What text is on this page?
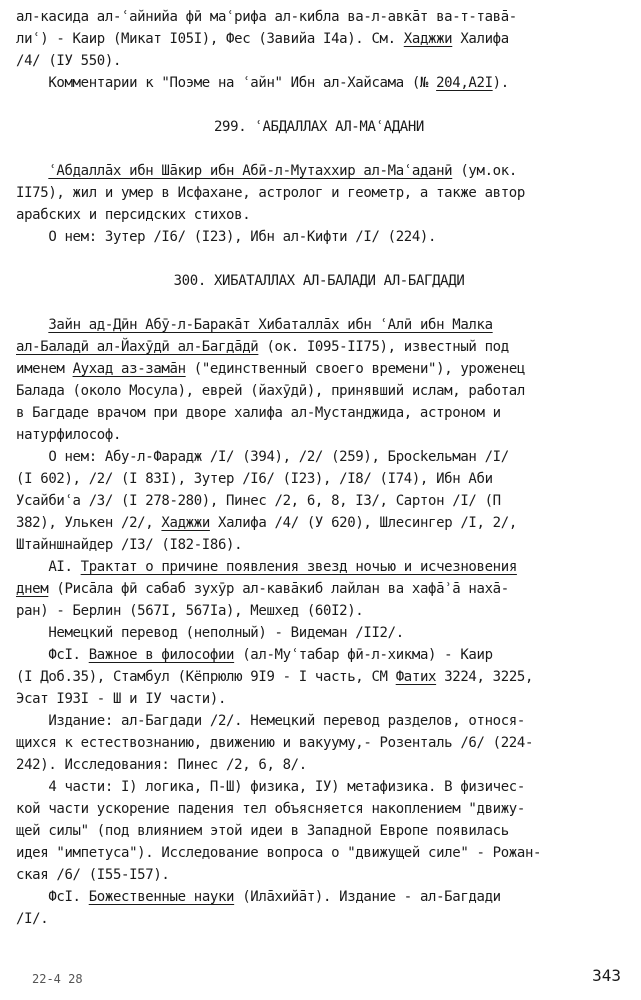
ал-касида ал-ʿайнийа фӣ маʿрифа ал-кибла ва-л-авкāт ва-т-тавā-
лиʿ) - Каир (Микат I05I), Фес (Завийа I4а). См. Хаджжи Халифа
/4/ (IУ 550).
Комментарии к "Поэме на ʿайн" Ибн ал-Хайсама (№ 204,А2I).
299. ʿАБДАЛЛАХ АЛ-МАʿАДАНИ
ʿАбдаллāх ибн Шāкир ибн Абӣ-л-Мутаххир ал-Маʿаданӣ (ум.ок.
II75), жил и умер в Исфахане, астролог и геометр, а также автор
арабских и персидских стихов.
О нем: Зутер /I6/ (I23), Ибн ал-Кифти /I/ (224).
300. ХИБАТАЛЛАХ АЛ-БАЛАДИ АЛ-БАГДАДИ
Зайн ад-Дӣн Абӯ-л-Баракāт Хибаталлāх ибн ʿАлӣ ибн Малка
ал-Баладӣ ал-Йахӯдӣ ал-Багдāдӣ (ок. I095-II75), известный под
именем Аухад аз-замāн ("единственный своего времени"), уроженец
Балада (около Мосула), еврей (йахӯдӣ), принявший ислам, работал
в Багдаде врачом при дворе халифа ал-Мустанджида, астроном и
натурфилософ.
О нем: Абу-л-Фарадж /I/ (394), /2/ (259), Брockельман /I/
(I 602), /2/ (I 83I), Зутер /I6/ (I23), /I8/ (I74), Ибн Аби
Усайбиʿа /3/ (I 278-280), Пинес /2, 6, 8, I3/, Сартон /I/ (П
382), Улькен /2/, Хаджжи Халифа /4/ (У 620), Шлесингер /I, 2/,
Штайншнайдер /I3/ (I82-I86).
АI. Трактат о причине появления звезд ночью и исчезновения
днем (Рисāла фӣ сабаб зухӯр ал-кавāкиб лайлан ва хафāʾā нахā-
ран) - Берлин (567I, 567Iа), Мешхед (60I2).
Немецкий перевод (неполный) - Видеман /II2/.
ФсI. Важное в философии (ал-Муʿтабар фӣ-л-хикма) - Каир
(I Доб.35), Стамбул (Кёпрюлю 9I9 - I часть, СМ Фатих 3224, 3225,
Эсат I93I - Ш и IУ части).
Издание: ал-Багдади /2/. Немецкий перевод разделов, относя-
щихся к естествознанию, движению и вакууму,- Розенталь /6/ (224-
242). Исследования: Пинес /2, 6, 8/.
4 части: I) логика, П-Ш) физика, IУ) метафизика. В физичес-
кой части ускорение падения тел объясняется накоплением "движу-
щей силы" (под влиянием этой идеи в Западной Европе появилась
идея "импетуса"). Исследование вопроса о "движущей силе" - Рожан-
ская /6/ (I55-I57).
ФсI. Божественные науки (Илāхийāт). Издание - ал-Багдади
/I/.
22-4 28	343
